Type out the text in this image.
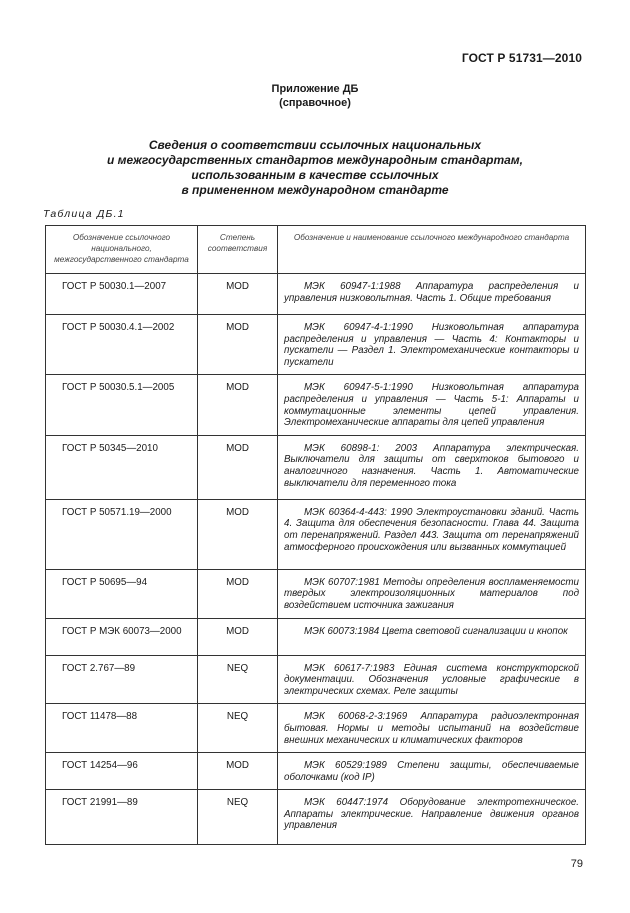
ГОСТ Р 51731—2010
Приложение ДБ
(справочное)
Сведения о соответствии ссылочных национальных
и межгосударственных стандартов международным стандартам,
использованным в качестве ссылочных
в примененном международном стандарте
Таблица ДБ.1
Обозначение ссылочного национального, межгосударственного стандарта	Степень соответствия	Обозначение и наименование ссылочного международного стандарта
ГОСТ Р 50030.1—2007	MOD	МЭК 60947-1:1988 Аппаратура распределения и управления низковольтная. Часть 1. Общие требования
ГОСТ Р 50030.4.1—2002	MOD	МЭК 60947-4-1:1990 Низковольтная аппаратура распределения и управления — Часть 4: Контакторы и пускатели — Раздел 1. Электромеханические контакторы и пускатели
ГОСТ Р 50030.5.1—2005	MOD	МЭК 60947-5-1:1990 Низковольтная аппаратура распределения и управления — Часть 5-1: Аппараты и коммутационные элементы цепей управления. Электромеханические аппараты для цепей управления
ГОСТ Р 50345—2010	MOD	МЭК 60898-1: 2003 Аппаратура электрическая. Выключатели для защиты от сверхтоков бытового и аналогичного назначения. Часть 1. Автоматические выключатели для переменного тока
ГОСТ Р 50571.19—2000	MOD	МЭК 60364-4-443: 1990 Электроустановки зданий. Часть 4. Защита для обеспечения безопасности. Глава 44. Защита от перенапряжений. Раздел 443. Защита от перенапряжений атмосферного происхождения или вызванных коммутацией
ГОСТ Р 50695—94	MOD	МЭК 60707:1981 Методы определения воспламеняемости твердых электроизоляционных материалов под воздействием источника зажигания
ГОСТ Р МЭК 60073—2000	MOD	МЭК 60073:1984 Цвета световой сигнализации и кнопок
ГОСТ 2.767—89	NEQ	МЭК 60617-7:1983 Единая система конструкторской документации. Обозначения условные графические в электрических схемах. Реле защиты
ГОСТ 11478—88	NEQ	МЭК 60068-2-3:1969 Аппаратура радиоэлектронная бытовая. Нормы и методы испытаний на воздействие внешних механических и климатических факторов
ГОСТ 14254—96	MOD	МЭК 60529:1989 Степени защиты, обеспечиваемые оболочками (код IP)
ГОСТ 21991—89	NEQ	МЭК 60447:1974 Оборудование электротехническое. Аппараты электрические. Направление движения органов управления
79
